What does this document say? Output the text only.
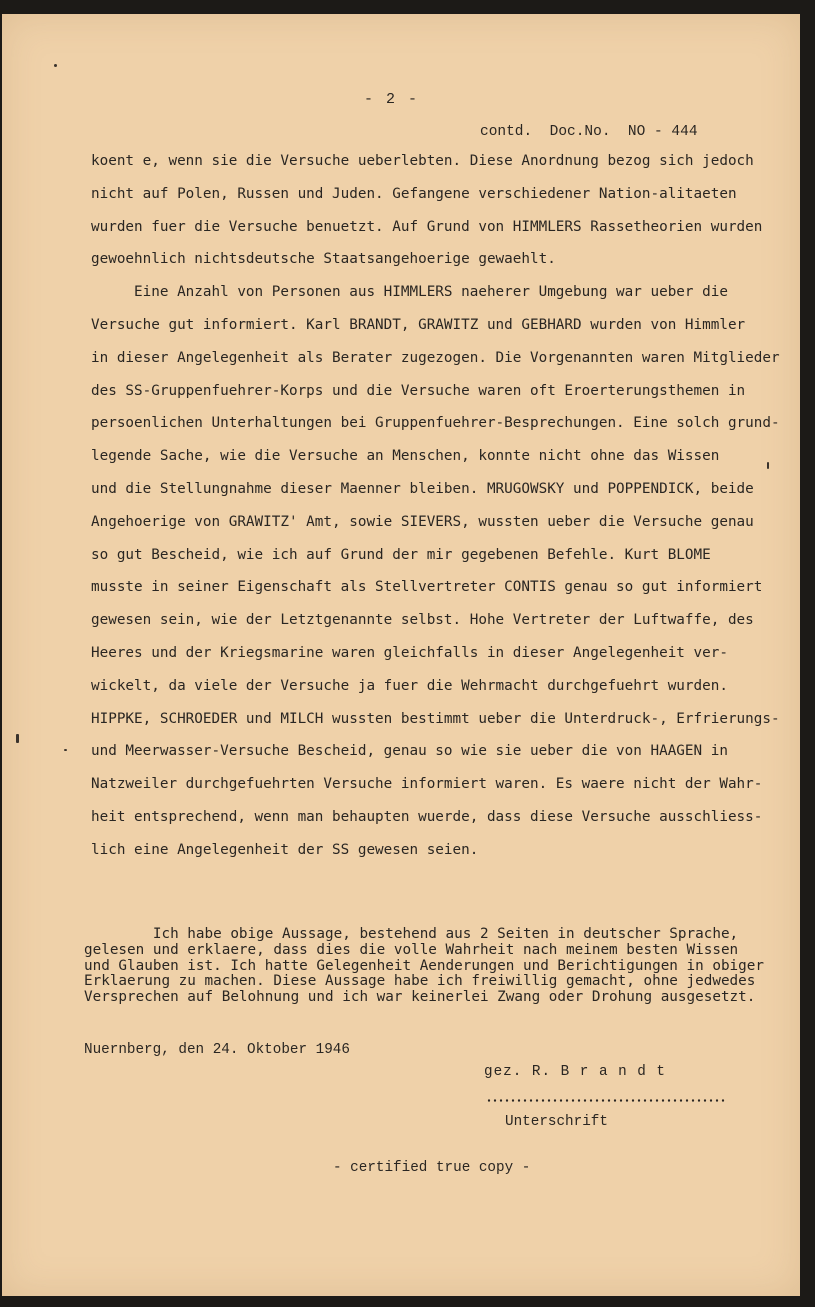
- 2 -
contd.  Doc.No.  NO - 444
koent e, wenn sie die Versuche ueberlebten. Diese Anordnung bezog sich jedoch
nicht auf Polen, Russen und Juden. Gefangene verschiedener Nation-alitaeten
wurden fuer die Versuche benuetzt. Auf Grund von HIMMLERS Rassetheorien wurden
gewoehnlich nichtsdeutsche Staatsangehoerige gewaehlt.
Eine Anzahl von Personen aus HIMMLERS naeherer Umgebung war ueber die
Versuche gut informiert. Karl BRANDT, GRAWITZ und GEBHARD wurden von Himmler
in dieser Angelegenheit als Berater zugezogen. Die Vorgenannten waren Mitglieder
des SS-Gruppenfuehrer-Korps und die Versuche waren oft Eroerterungsthemen in
persoenlichen Unterhaltungen bei Gruppenfuehrer-Besprechungen. Eine solch grund-
legende Sache, wie die Versuche an Menschen, konnte nicht ohne das Wissen
und die Stellungnahme dieser Maenner bleiben. MRUGOWSKY und POPPENDICK, beide
Angehoerige von GRAWITZ' Amt, sowie SIEVERS, wussten ueber die Versuche genau
so gut Bescheid, wie ich auf Grund der mir gegebenen Befehle. Kurt BLOME
musste in seiner Eigenschaft als Stellvertreter CONTIS genau so gut informiert
gewesen sein, wie der Letztgenannte selbst. Hohe Vertreter der Luftwaffe, des
Heeres und der Kriegsmarine waren gleichfalls in dieser Angelegenheit ver-
wickelt, da viele der Versuche ja fuer die Wehrmacht durchgefuehrt wurden.
HIPPKE, SCHROEDER und MILCH wussten bestimmt ueber die Unterdruck-, Erfrierungs-
und Meerwasser-Versuche Bescheid, genau so wie sie ueber die von HAAGEN in
Natzweiler durchgefuehrten Versuche informiert waren. Es waere nicht der Wahr-
heit entsprechend, wenn man behaupten wuerde, dass diese Versuche ausschliess-
lich eine Angelegenheit der SS gewesen seien.
Ich habe obige Aussage, bestehend aus 2 Seiten in deutscher Sprache,
gelesen und erklaere, dass dies die volle Wahrheit nach meinem besten Wissen
und Glauben ist. Ich hatte Gelegenheit Aenderungen und Berichtigungen in obiger
Erklaerung zu machen. Diese Aussage habe ich freiwillig gemacht, ohne jedwedes
Versprechen auf Belohnung und ich war keinerlei Zwang oder Drohung ausgesetzt.
Nuernberg, den 24. Oktober 1946
gez. R. B r a n d t
Unterschrift
- certified true copy -
